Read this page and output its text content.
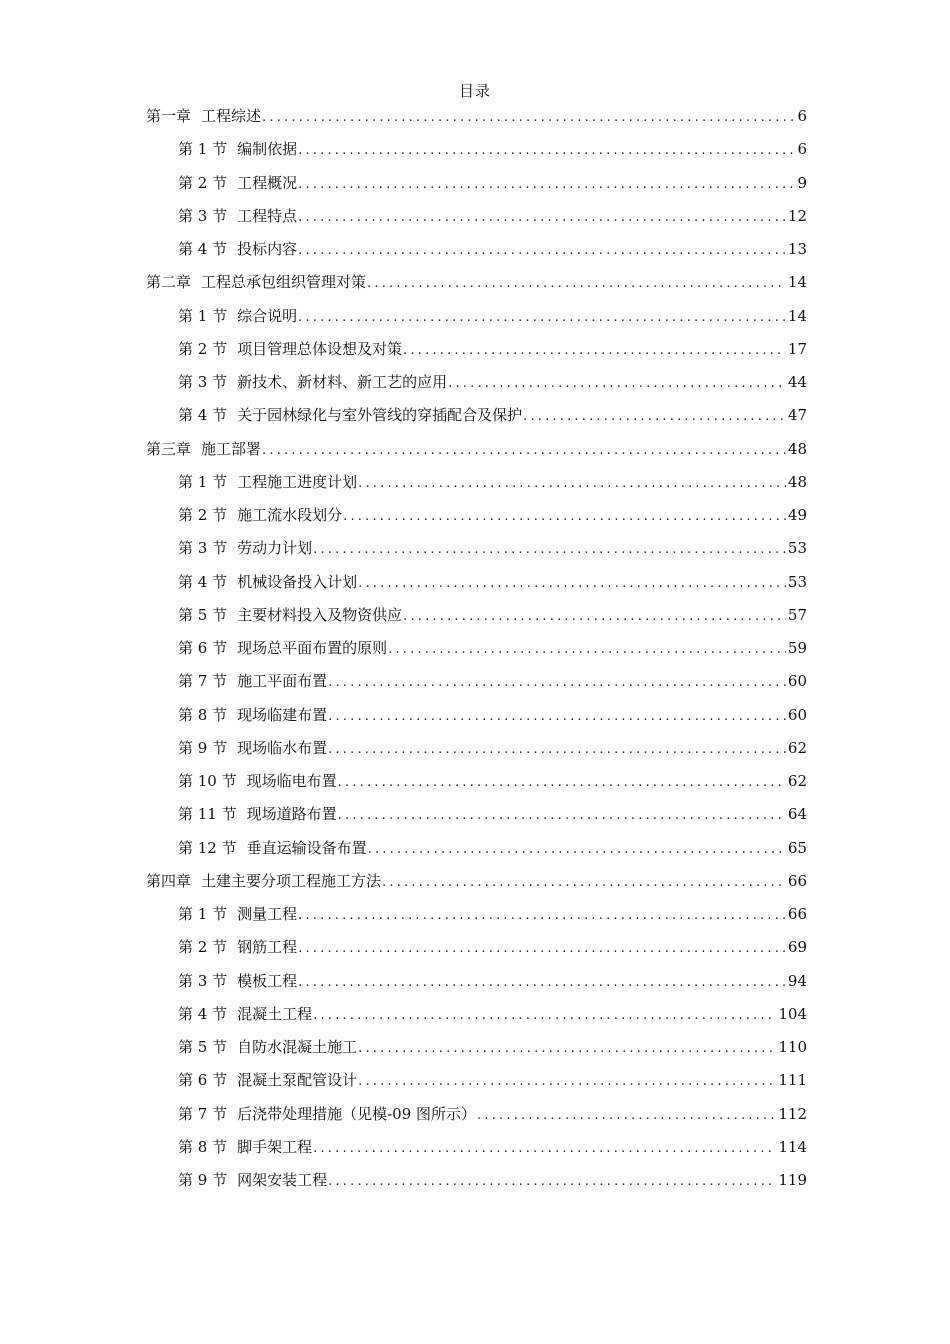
目录
第一章 工程综述 .....	6
第 1 节 编制依据 .....	6
第 2 节 工程概况 .....	9
第 3 节 工程特点 .....	12
第 4 节 投标内容 .....	13
第二章 工程总承包组织管理对策 .....	14
第 1 节 综合说明 .....	14
第 2 节 项目管理总体设想及对策 .....	17
第 3 节 新技术、新材料、新工艺的应用 .....	44
第 4 节 关于园林绿化与室外管线的穿插配合及保护 .....	47
第三章 施工部署 .....	48
第 1 节 工程施工进度计划 .....	48
第 2 节 施工流水段划分 .....	49
第 3 节 劳动力计划 .....	53
第 4 节 机械设备投入计划 .....	53
第 5 节 主要材料投入及物资供应 .....	57
第 6 节 现场总平面布置的原则 .....	59
第 7 节 施工平面布置 .....	60
第 8 节 现场临建布置 .....	60
第 9 节 现场临水布置 .....	62
第 10 节 现场临电布置 .....	62
第 11 节 现场道路布置 .....	64
第 12 节 垂直运输设备布置 .....	65
第四章 土建主要分项工程施工方法 .....	66
第 1 节 测量工程 .....	66
第 2 节 钢筋工程 .....	69
第 3 节 模板工程 .....	94
第 4 节 混凝土工程 .....	104
第 5 节 自防水混凝土施工 .....	110
第 6 节 混凝土泵配管设计 .....	111
第 7 节 后浇带处理措施（见模-09 图所示） .....	112
第 8 节 脚手架工程 .....	114
第 9 节 网架安装工程 .....	119
